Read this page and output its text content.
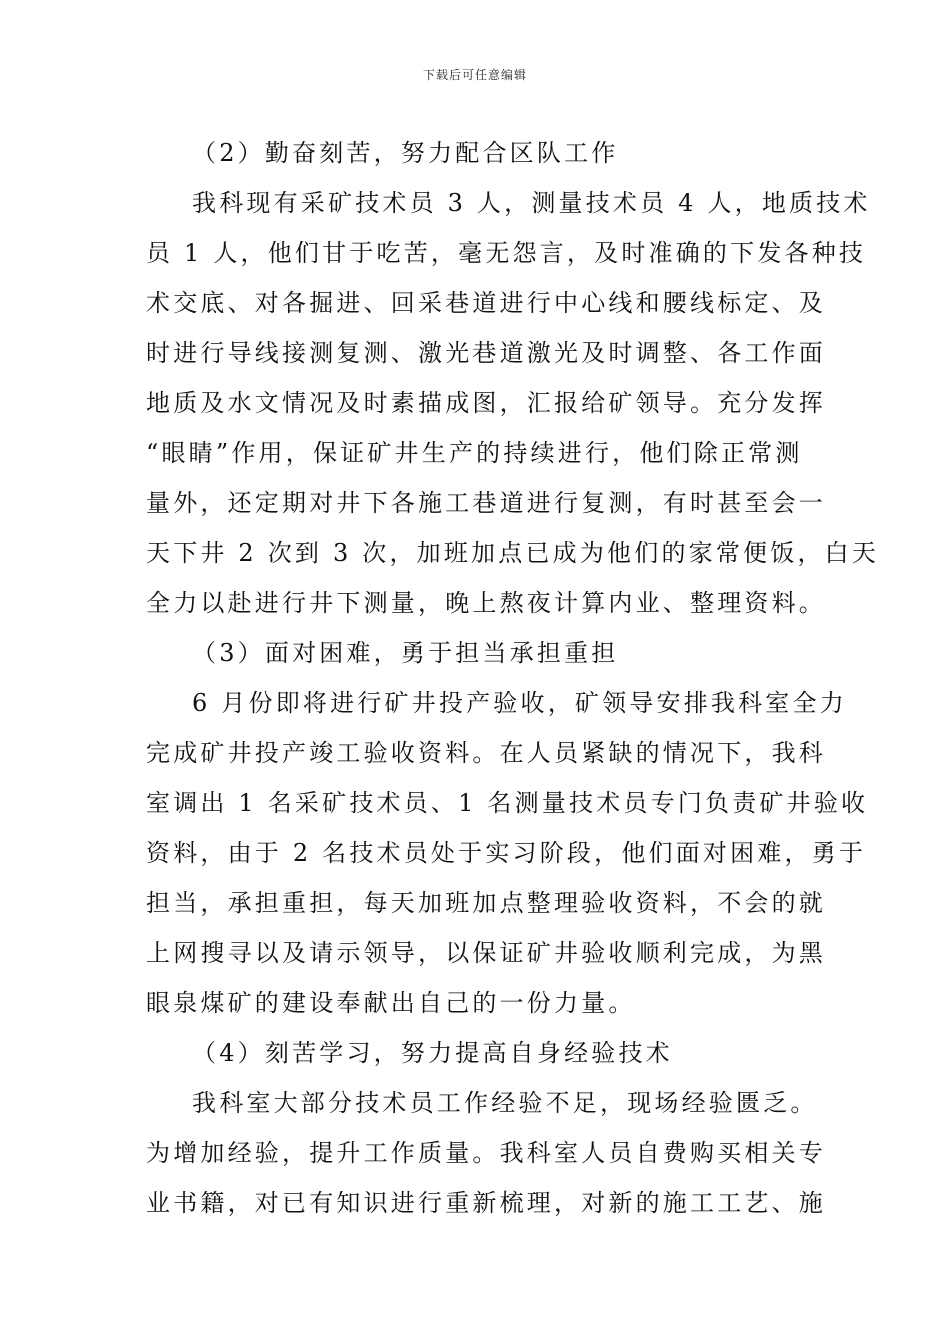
下载后可任意编辑
（2）勤奋刻苦，努力配合区队工作
我科现有采矿技术员 3 人，测量技术员 4 人，地质技术
员 1 人，他们甘于吃苦，毫无怨言，及时准确的下发各种技
术交底、对各掘进、回采巷道进行中心线和腰线标定、及
时进行导线接测复测、激光巷道激光及时调整、各工作面
地质及水文情况及时素描成图，汇报给矿领导。充分发挥
“眼睛”作用，保证矿井生产的持续进行，他们除正常测
量外，还定期对井下各施工巷道进行复测，有时甚至会一
天下井 2 次到 3 次，加班加点已成为他们的家常便饭，白天
全力以赴进行井下测量，晚上熬夜计算内业、整理资料。
（3）面对困难，勇于担当承担重担
6 月份即将进行矿井投产验收，矿领导安排我科室全力
完成矿井投产竣工验收资料。在人员紧缺的情况下，我科
室调出 1 名采矿技术员、1 名测量技术员专门负责矿井验收
资料，由于 2 名技术员处于实习阶段，他们面对困难，勇于
担当，承担重担，每天加班加点整理验收资料，不会的就
上网搜寻以及请示领导，以保证矿井验收顺利完成，为黑
眼泉煤矿的建设奉献出自己的一份力量。
（4）刻苦学习，努力提高自身经验技术
我科室大部分技术员工作经验不足，现场经验匮乏。
为增加经验，提升工作质量。我科室人员自费购买相关专
业书籍，对已有知识进行重新梳理，对新的施工工艺、施
